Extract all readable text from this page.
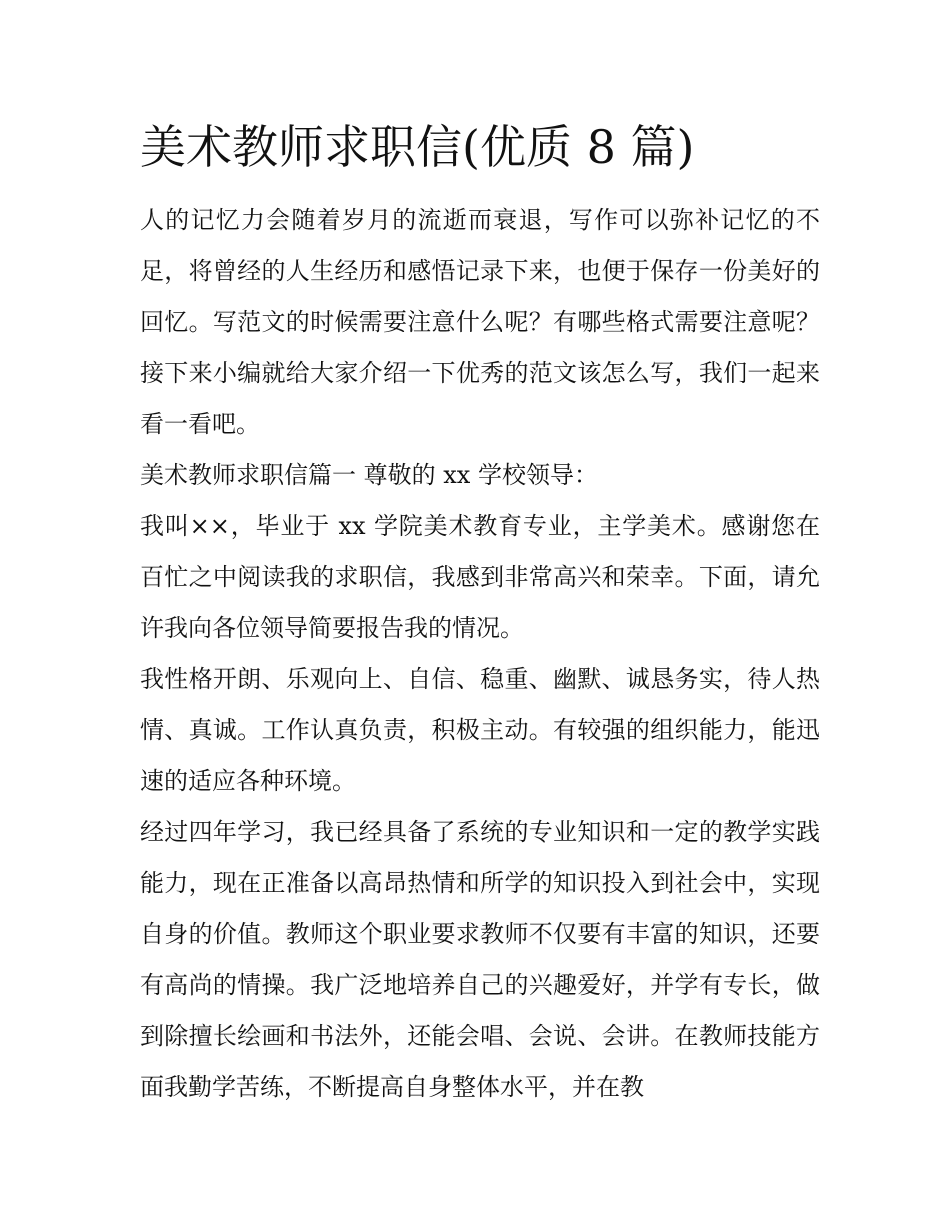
美术教师求职信(优质 8 篇)

人的记忆力会随着岁月的流逝而衰退，写作可以弥补记忆的不足，将曾经的人生经历和感悟记录下来，也便于保存一份美好的回忆。写范文的时候需要注意什么呢？有哪些格式需要注意呢？接下来小编就给大家介绍一下优秀的范文该怎么写，我们一起来看一看吧。

美术教师求职信篇一 尊敬的 xx 学校领导：

我叫××，毕业于 xx 学院美术教育专业，主学美术。感谢您在百忙之中阅读我的求职信，我感到非常高兴和荣幸。下面，请允许我向各位领导简要报告我的情况。

我性格开朗、乐观向上、自信、稳重、幽默、诚恳务实，待人热情、真诚。工作认真负责，积极主动。有较强的组织能力，能迅速的适应各种环境。

经过四年学习，我已经具备了系统的专业知识和一定的教学实践能力，现在正准备以高昂热情和所学的知识投入到社会中，实现自身的价值。教师这个职业要求教师不仅要有丰富的知识，还要有高尚的情操。我广泛地培养自己的兴趣爱好，并学有专长，做到除擅长绘画和书法外，还能会唱、会说、会讲。在教师技能方面我勤学苦练，不断提高自身整体水平，并在教
